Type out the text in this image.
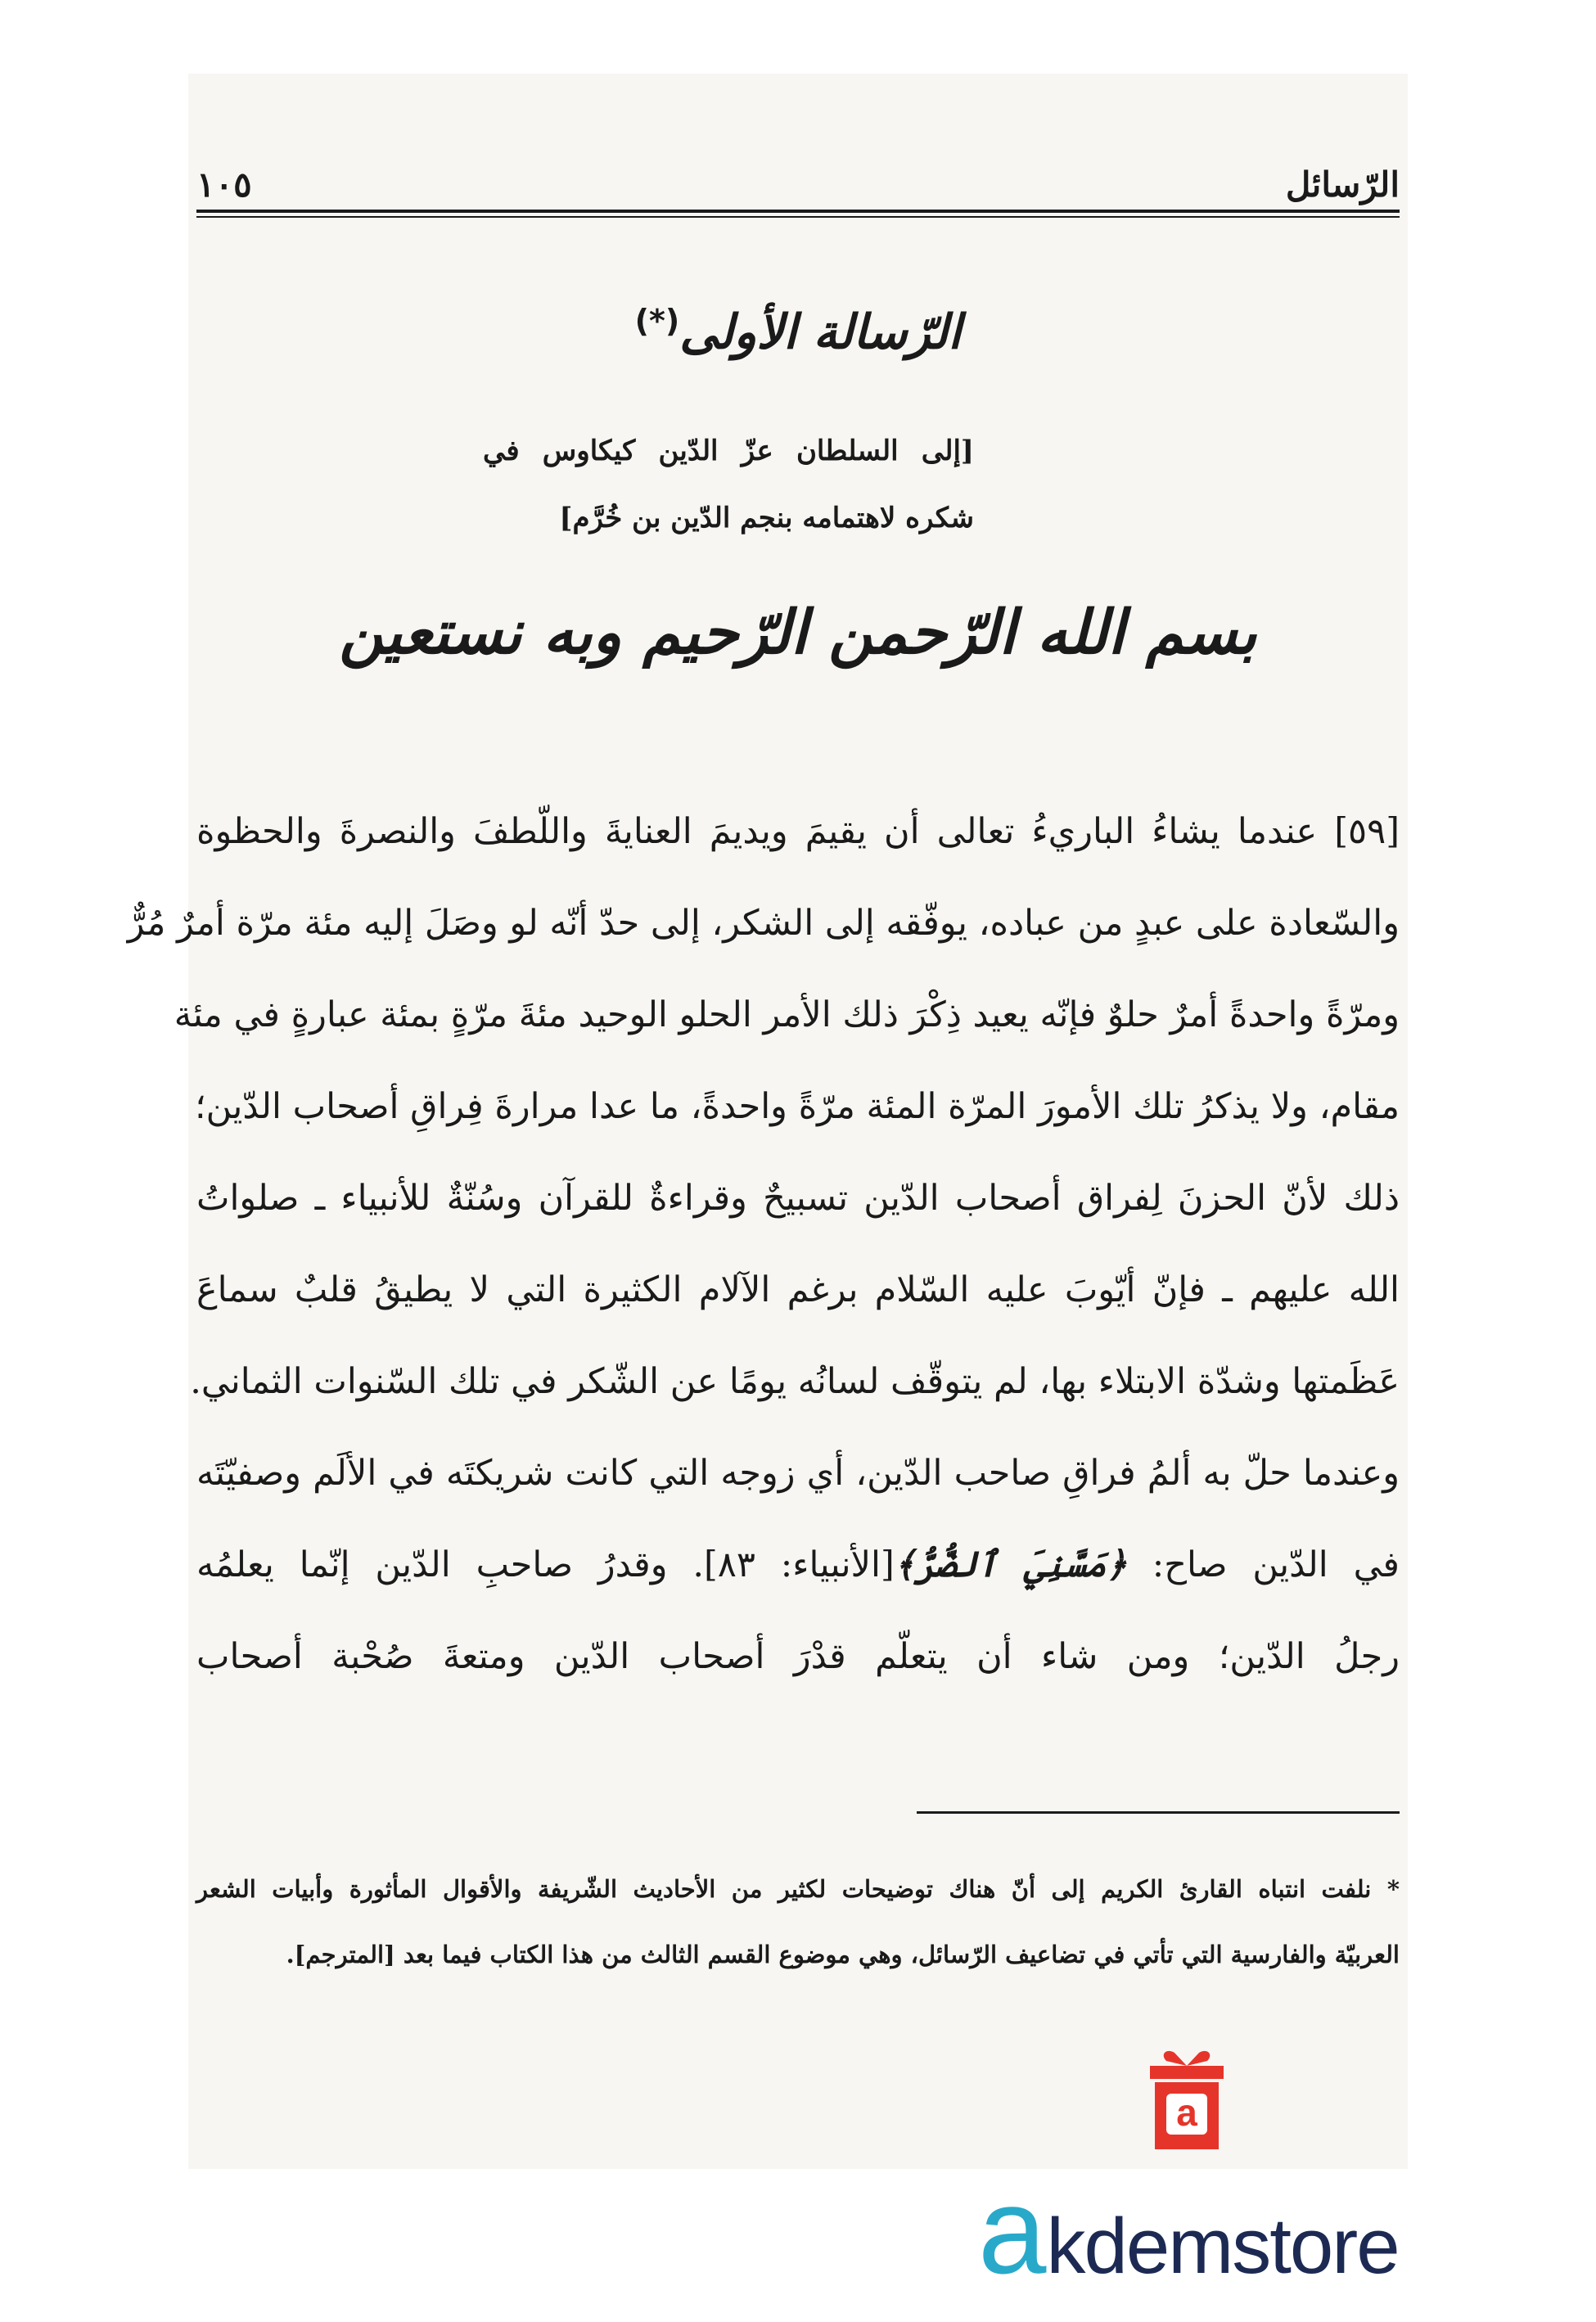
الرّسائل
١٠٥
الرّسالة الأولى(*)
[إلى السلطان عزّ الدّين كيكاوس في
شكره لاهتمامه بنجم الدّين بن خُرَّم]
بسم الله الرّحمن الرّحيم وبه نستعين
[٥٩] عندما يشاءُ الباريءُ تعالى أن يقيمَ ويديمَ العنايةَ واللّطفَ والنصرةَ والحظوة
والسّعادة على عبدٍ من عباده، يوفّقه إلى الشكر، إلى حدّ أنّه لو وصَلَ إليه مئة مرّة أمرٌ مُرٌّ
ومرّةً واحدةً أمرٌ حلوٌ فإنّه يعيد ذِكْرَ ذلك الأمر الحلو الوحيد مئةَ مرّةٍ بمئة عبارةٍ في مئة
مقام، ولا يذكرُ تلك الأمورَ المرّة المئة مرّةً واحدةً، ما عدا مرارةَ فِراقِ أصحاب الدّين؛
ذلك لأنّ الحزنَ لِفراق أصحاب الدّين تسبيحٌ وقراءةٌ للقرآن وسُنّةٌ للأنبياء ـ صلواتُ
الله عليهم ـ فإنّ أيّوبَ عليه السّلام برغم الآلام الكثيرة التي لا يطيقُ قلبٌ سماعَ
عَظَمتها وشدّة الابتلاء بها، لم يتوقّف لسانُه يومًا عن الشّكر في تلك السّنوات الثماني.
وعندما حلّ به ألمُ فراقِ صاحب الدّين، أي زوجه التي كانت شريكتَه في الألَم وصفيّتَه
في الدّين صاح: ﴿مَسَّنِيَ ٱلضُّرُّ﴾[الأنبياء: ٨٣]. وقدرُ صاحبِ الدّين إنّما يعلمُه
رجلُ الدّين؛ ومن شاء أن يتعلّم قدْرَ أصحاب الدّين ومتعةَ صُحْبة أصحاب
* نلفت انتباه القارئ الكريم إلى أنّ هناك توضيحات لكثير من الأحاديث الشّريفة والأقوال المأثورة وأبيات الشعر
العربيّة والفارسية التي تأتي في تضاعيف الرّسائل، وهي موضوع القسم الثالث من هذا الكتاب فيما بعد [المترجم].
a
a kdemstore
